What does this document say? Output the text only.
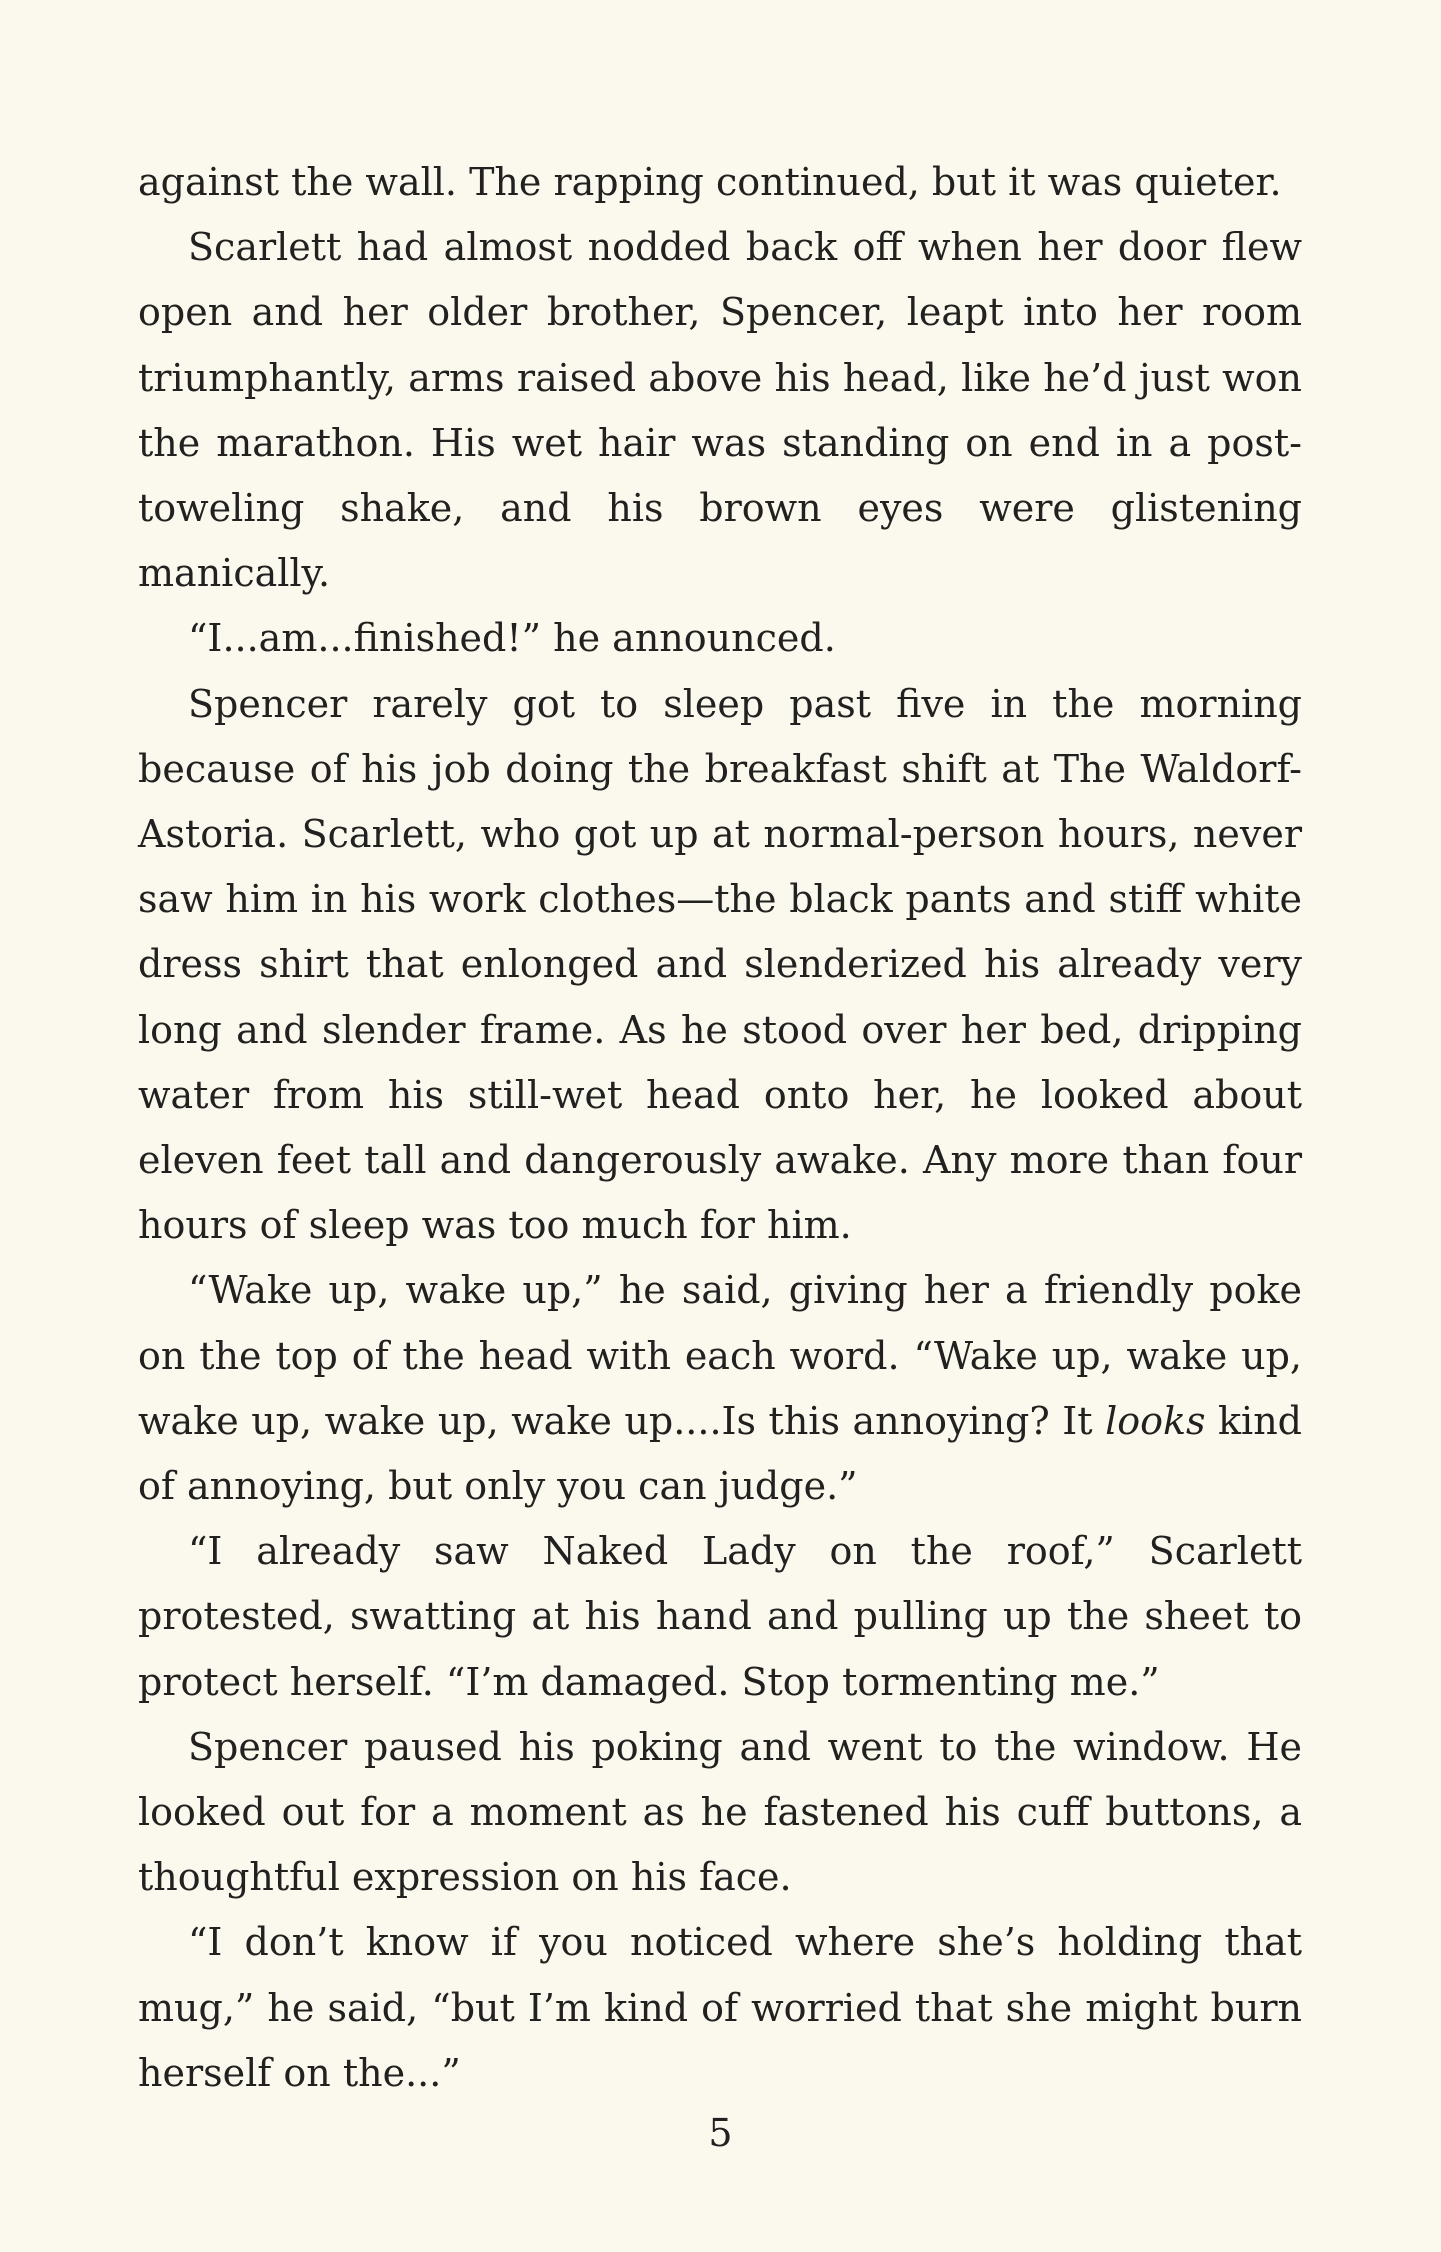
against the wall. The rapping continued, but it was quieter.

Scarlett had almost nodded back off when her door flew open and her older brother, Spencer, leapt into her room triumphantly, arms raised above his head, like he’d just won the marathon. His wet hair was standing on end in a post-toweling shake, and his brown eyes were glistening manically.

“I...am...finished!” he announced.

Spencer rarely got to sleep past five in the morning because of his job doing the breakfast shift at The Waldorf-Astoria. Scarlett, who got up at normal-person hours, never saw him in his work clothes—the black pants and stiff white dress shirt that enlonged and slenderized his already very long and slender frame. As he stood over her bed, dripping water from his still-wet head onto her, he looked about eleven feet tall and dangerously awake. Any more than four hours of sleep was too much for him.

“Wake up, wake up,” he said, giving her a friendly poke on the top of the head with each word. “Wake up, wake up, wake up, wake up, wake up....Is this annoying? It looks kind of annoying, but only you can judge.”

“I already saw Naked Lady on the roof,” Scarlett protested, swatting at his hand and pulling up the sheet to protect herself. “I’m damaged. Stop tormenting me.”

Spencer paused his poking and went to the window. He looked out for a moment as he fastened his cuff buttons, a thoughtful expression on his face.

“I don’t know if you noticed where she’s holding that mug,” he said, “but I’m kind of worried that she might burn herself on the...”

5
